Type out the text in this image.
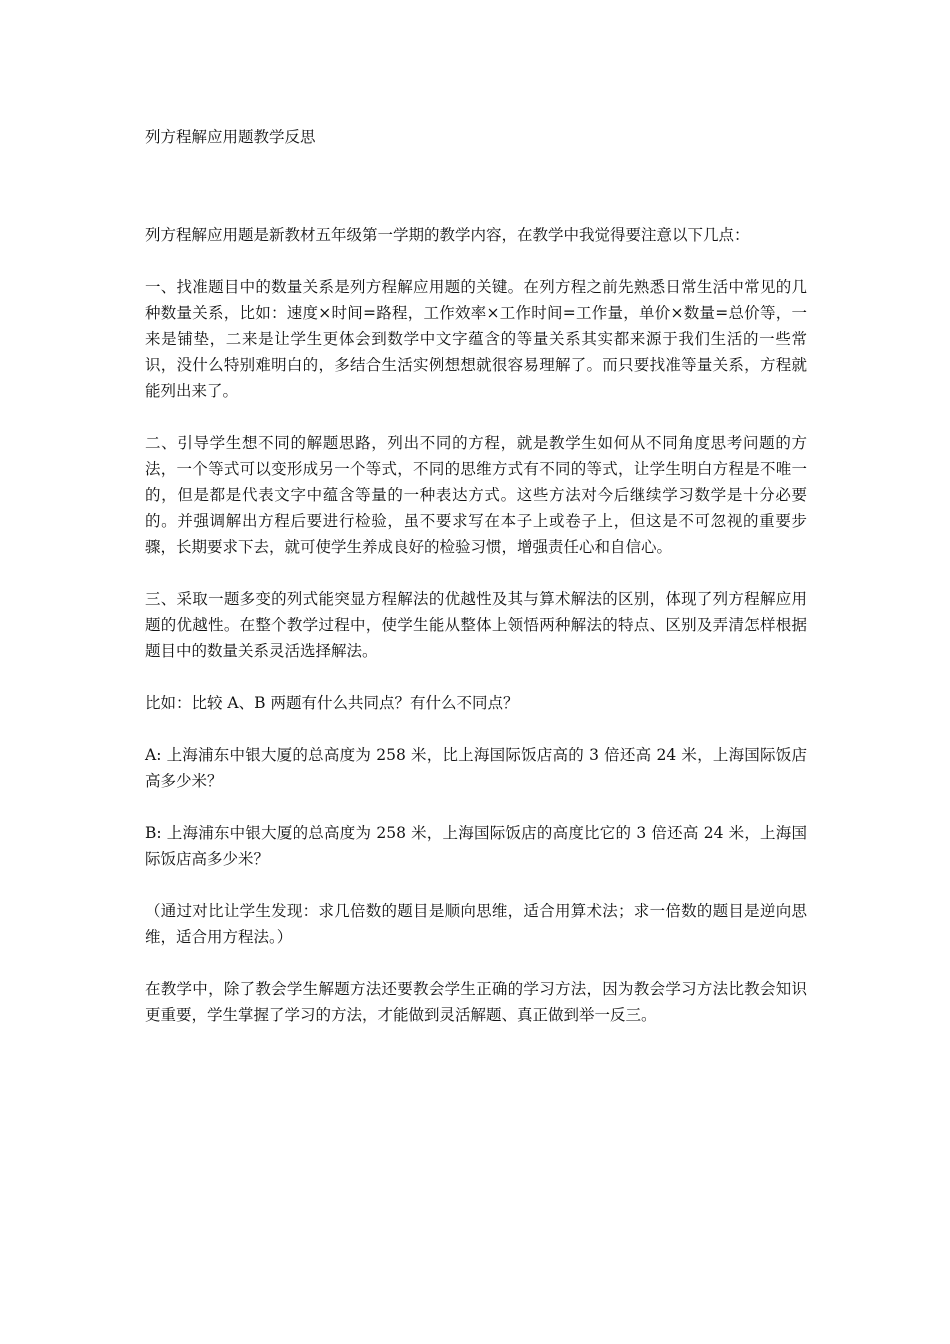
列方程解应用题教学反思

列方程解应用题是新教材五年级第一学期的教学内容，在教学中我觉得要注意以下几点：

一、找准题目中的数量关系是列方程解应用题的关键。在列方程之前先熟悉日常生活中常见的几种数量关系，比如：速度×时间=路程，工作效率×工作时间=工作量，单价×数量=总价等，一来是铺垫，二来是让学生更体会到数学中文字蕴含的等量关系其实都来源于我们生活的一些常识，没什么特别难明白的，多结合生活实例想想就很容易理解了。而只要找准等量关系，方程就能列出来了。

二、引导学生想不同的解题思路，列出不同的方程，就是教学生如何从不同角度思考问题的方法，一个等式可以变形成另一个等式，不同的思维方式有不同的等式，让学生明白方程是不唯一的，但是都是代表文字中蕴含等量的一种表达方式。这些方法对今后继续学习数学是十分必要的。并强调解出方程后要进行检验，虽不要求写在本子上或卷子上，但这是不可忽视的重要步骤，长期要求下去，就可使学生养成良好的检验习惯，增强责任心和自信心。

三、采取一题多变的列式能突显方程解法的优越性及其与算术解法的区别，体现了列方程解应用题的优越性。在整个教学过程中，使学生能从整体上领悟两种解法的特点、区别及弄清怎样根据题目中的数量关系灵活选择解法。

比如：比较 A、B 两题有什么共同点？有什么不同点？

A: 上海浦东中银大厦的总高度为 258 米，比上海国际饭店高的 3 倍还高 24 米，上海国际饭店高多少米？

B: 上海浦东中银大厦的总高度为 258 米，上海国际饭店的高度比它的 3 倍还高 24 米，上海国际饭店高多少米？

（通过对比让学生发现：求几倍数的题目是顺向思维，适合用算术法；求一倍数的题目是逆向思维，适合用方程法。）

在教学中，除了教会学生解题方法还要教会学生正确的学习方法，因为教会学习方法比教会知识更重要，学生掌握了学习的方法，才能做到灵活解题、真正做到举一反三。
